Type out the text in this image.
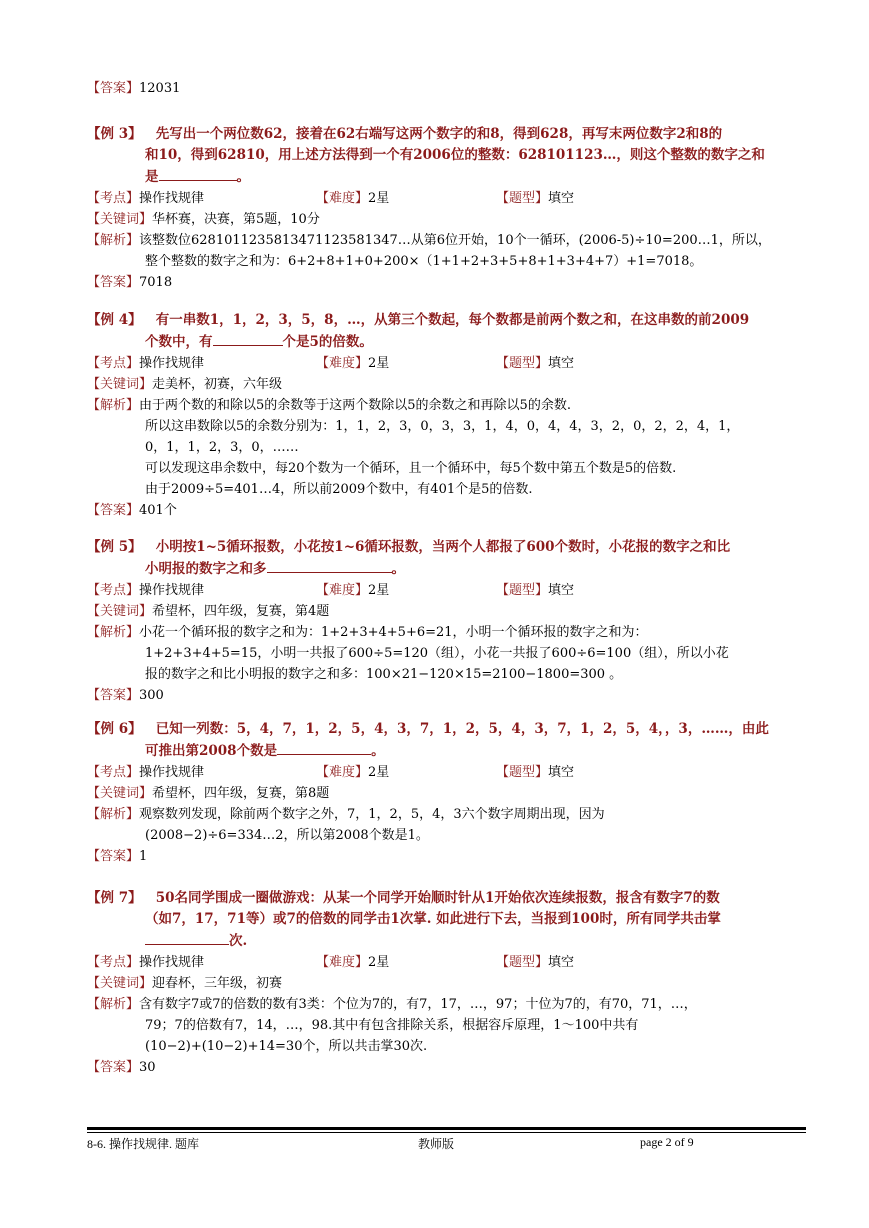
【答案】12031
【例 3】 先写出一个两位数62，接着在62右端写这两个数字的和8，得到628，再写末两位数字2和8的
和10，得到62810，用上述方法得到一个有2006位的整数：628101123…，则这个整数的数字之和
是	。
【考点】操作找规律	【难度】2星	【题型】填空
【关键词】华杯赛，决赛，第5题，10分
【解析】该整数位628101123581347112358134​7…从第6位开始，10个一循环，(2006-5)÷10=200…1，所以，
整个整数的数字之和为：6+2+8+1+0+200×（1+1+2+3+5+8+1+3+4+7）+1=7018。
【答案】7018
【例 4】 有一串数1，1，2，3，5，8，…，从第三个数起，每个数都是前两个数之和，在这串数的前2009
个数中，有	个是5的倍数。
【考点】操作找规律	【难度】2星	【题型】填空
【关键词】走美杯，初赛，六年级
【解析】由于两个数的和除以5的余数等于这两个数除以5的余数之和再除以5的余数.
所以这串数除以5的余数分别为：1，1，2，3，0，3，3，1，4，0，4，4，3，2，0，2，2，4，1，
0，1，1，2，3，0，……
可以发现这串余数中，每20个数为一个循环，且一个循环中，每5个数中第五个数是5的倍数.
由于2009÷5=401…4，所以前2009个数中，有401个是5的倍数.
【答案】401个
【例 5】 小明按1~5循环报数，小花按1~6循环报数，当两个人都报了600个数时，小花报的数字之和比
小明报的数字之和多	。
【考点】操作找规律	【难度】2星	【题型】填空
【关键词】希望杯，四年级，复赛，第4题
【解析】小花一个循环报的数字之和为：1+2+3+4+5+6=21，小明一个循环报的数字之和为：
1+2+3+4+5=15，小明一共报了600÷5=120（组），小花一共报了600÷6=100（组），所以小花
报的数字之和比小明报的数字之和多：100×21−120×15=2100−1800=300 。
【答案】300
【例 6】 已知一列数：5，4，7，1，2，5，4，3，7，1，2，5，4，3，7，1，2，5，4，，3，……，由此
可推出第2008个数是	。
【考点】操作找规律	【难度】2星	【题型】填空
【关键词】希望杯，四年级，复赛，第8题
【解析】观察数列发现，除前两个数字之外，7，1，2，5，4，3六个数字周期出现，因为
(2008−2)÷6=334…2，所以第2008个数是1。
【答案】1
【例 7】 50名同学围成一圈做游戏：从某一个同学开始顺时针从1开始依次连续报数，报含有数字7的数
（如7，17，71等）或7的倍数的同学击1次掌. 如此进行下去，当报到100时，所有同学共击掌
次.
【考点】操作找规律	【难度】2星	【题型】填空
【关键词】迎春杯，三年级，初赛
【解析】含有数字7或7的倍数的数有3类：个位为7的，有7，17，…，97；十位为7的，有70，71，…，
79；7的倍数有7，14，…，98.其中有包含排除关系，根据容斥原理，1～100中共有
(10−2)+(10−2)+14=30个，所以共击掌30次.
【答案】30
8-6. 操作找规律. 题库	教师版	page 2 of 9
